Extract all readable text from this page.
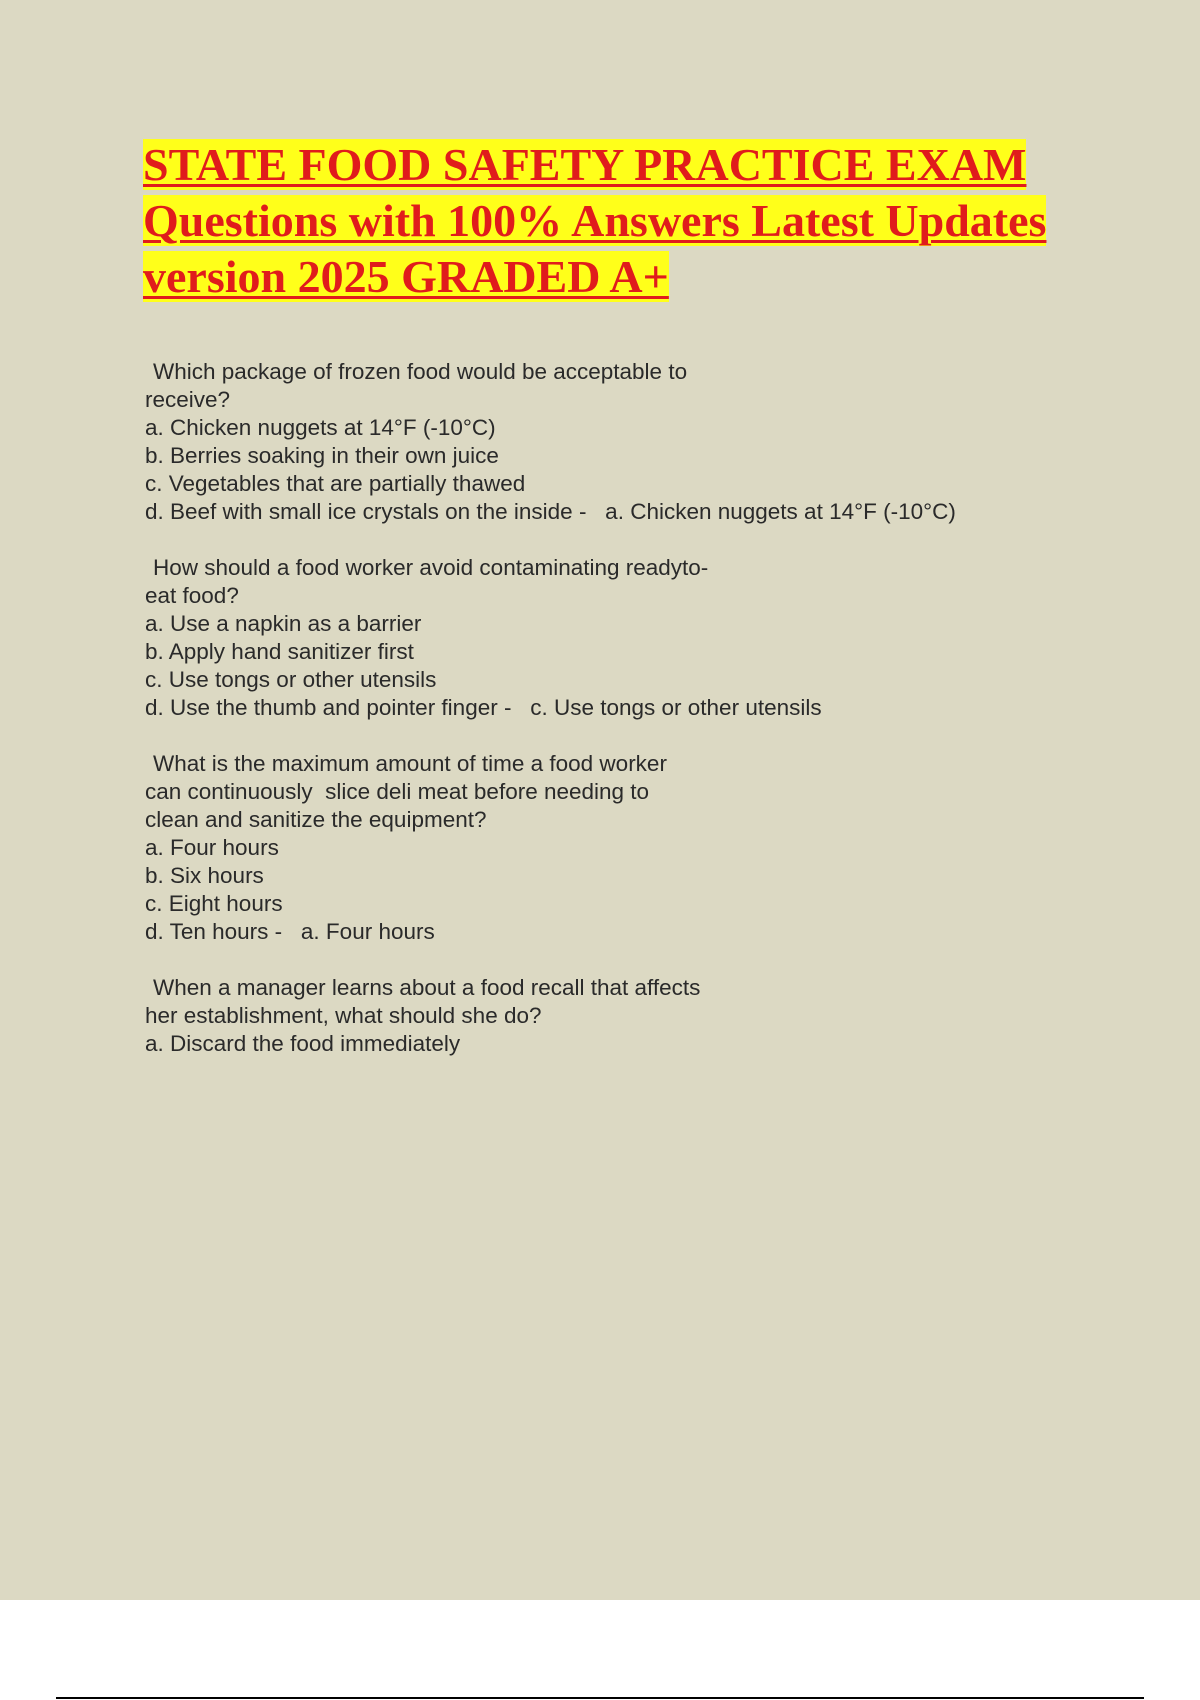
STATE FOOD SAFETY PRACTICE EXAM
Questions with 100% Answers Latest Updates
version 2025 GRADED A+
Which package of frozen food would be acceptable to
receive?
a. Chicken nuggets at 14°F (-10°C)
b. Berries soaking in their own juice
c. Vegetables that are partially thawed
d. Beef with small ice crystals on the inside -   a. Chicken nuggets at 14°F (-10°C)
How should a food worker avoid contaminating readyto-
eat food?
a. Use a napkin as a barrier
b. Apply hand sanitizer first
c. Use tongs or other utensils
d. Use the thumb and pointer finger -   c. Use tongs or other utensils
What is the maximum amount of time a food worker
can continuously  slice deli meat before needing to
clean and sanitize the equipment?
a. Four hours
b. Six hours
c. Eight hours
d. Ten hours -   a. Four hours
When a manager learns about a food recall that affects
her establishment, what should she do?
a. Discard the food immediately
